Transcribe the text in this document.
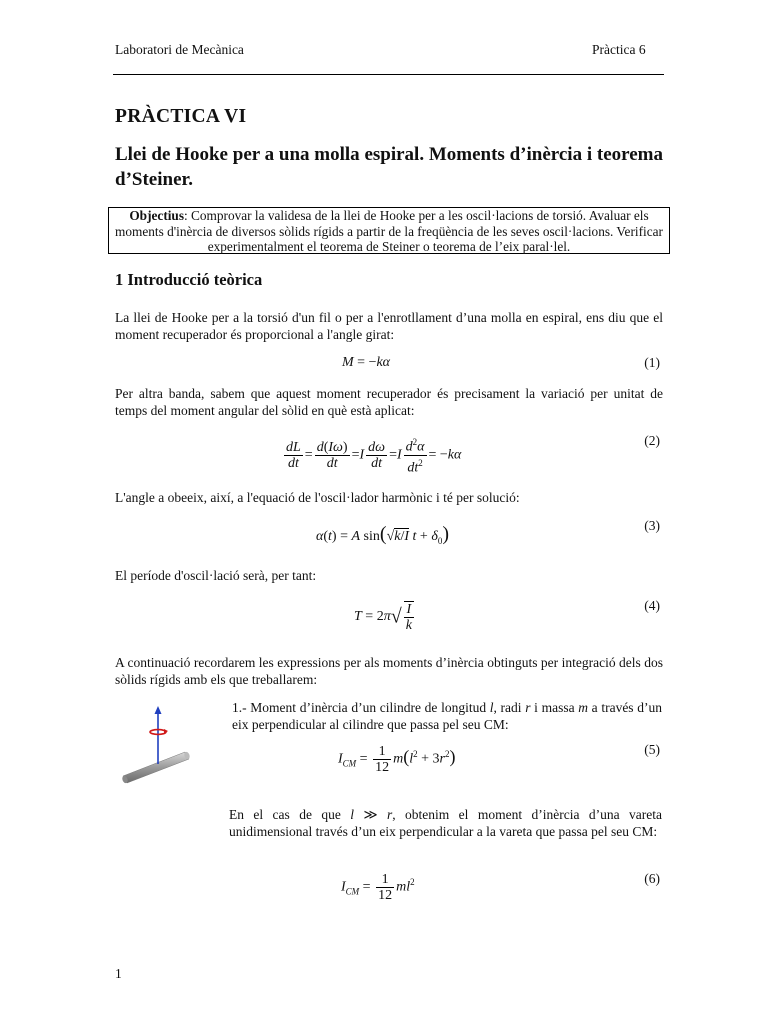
Laboratori de Mecànica	Pràctica 6
PRÀCTICA VI
Llei de Hooke per a una molla espiral. Moments d’inèrcia i teorema d’Steiner.
Objectius: Comprovar la validesa de la llei de Hooke per a les oscil·lacions de torsió. Avaluar els moments d'inèrcia de diversos sòlids rígids a partir de la freqüència de les seves oscil·lacions. Verificar experimentalment el teorema de Steiner o teorema de l’eix paral·lel.
1 Introducció teòrica
La llei de Hooke per a la torsió d'un fil o per a l'enrotllament d’una molla en espiral, ens diu que el moment recuperador és proporcional a l'angle girat:
M = −kα	(1)
Per altra banda, sabem que aquest moment recuperador és precisament la variació per unitat de temps del moment angular del sòlid en què està aplicat:
$\frac{dL}{dt} = \frac{d(I\omega)}{dt} =I \frac{d\omega}{dt} =I \frac{d^2\alpha}{dt^2} = -k\alpha$
(2)
L'angle a obeeix, així, a l'equació de l'oscil·lador harmònic i té per solució:
α(t) = A sin(√k/I $t + \delta_0$)	(3)
El període d'oscil·lació serà, per tant:
$T = 2\pi√ \frac{I}{k}$	(4)
A continuació recordarem les expressions per als moments d’inèrcia obtinguts per integració dels dos sòlids rígids amb els que treballarem:
1.- Moment d’inèrcia d’un cilindre de longitud l, radi r i massa m a través d’un eix perpendicular al cilindre que passa pel seu CM:
$I_{CM} = \frac{1}{12} m(l^2 + 3r^2)$	(5)
En el cas de que l ≫ r, obtenim el moment d’inèrcia d’una vareta unidimensional través d’un eix perpendicular a la vareta que passa pel seu CM:
$I_{CM} = \frac{1}{12} ml^2$	(6)
1
